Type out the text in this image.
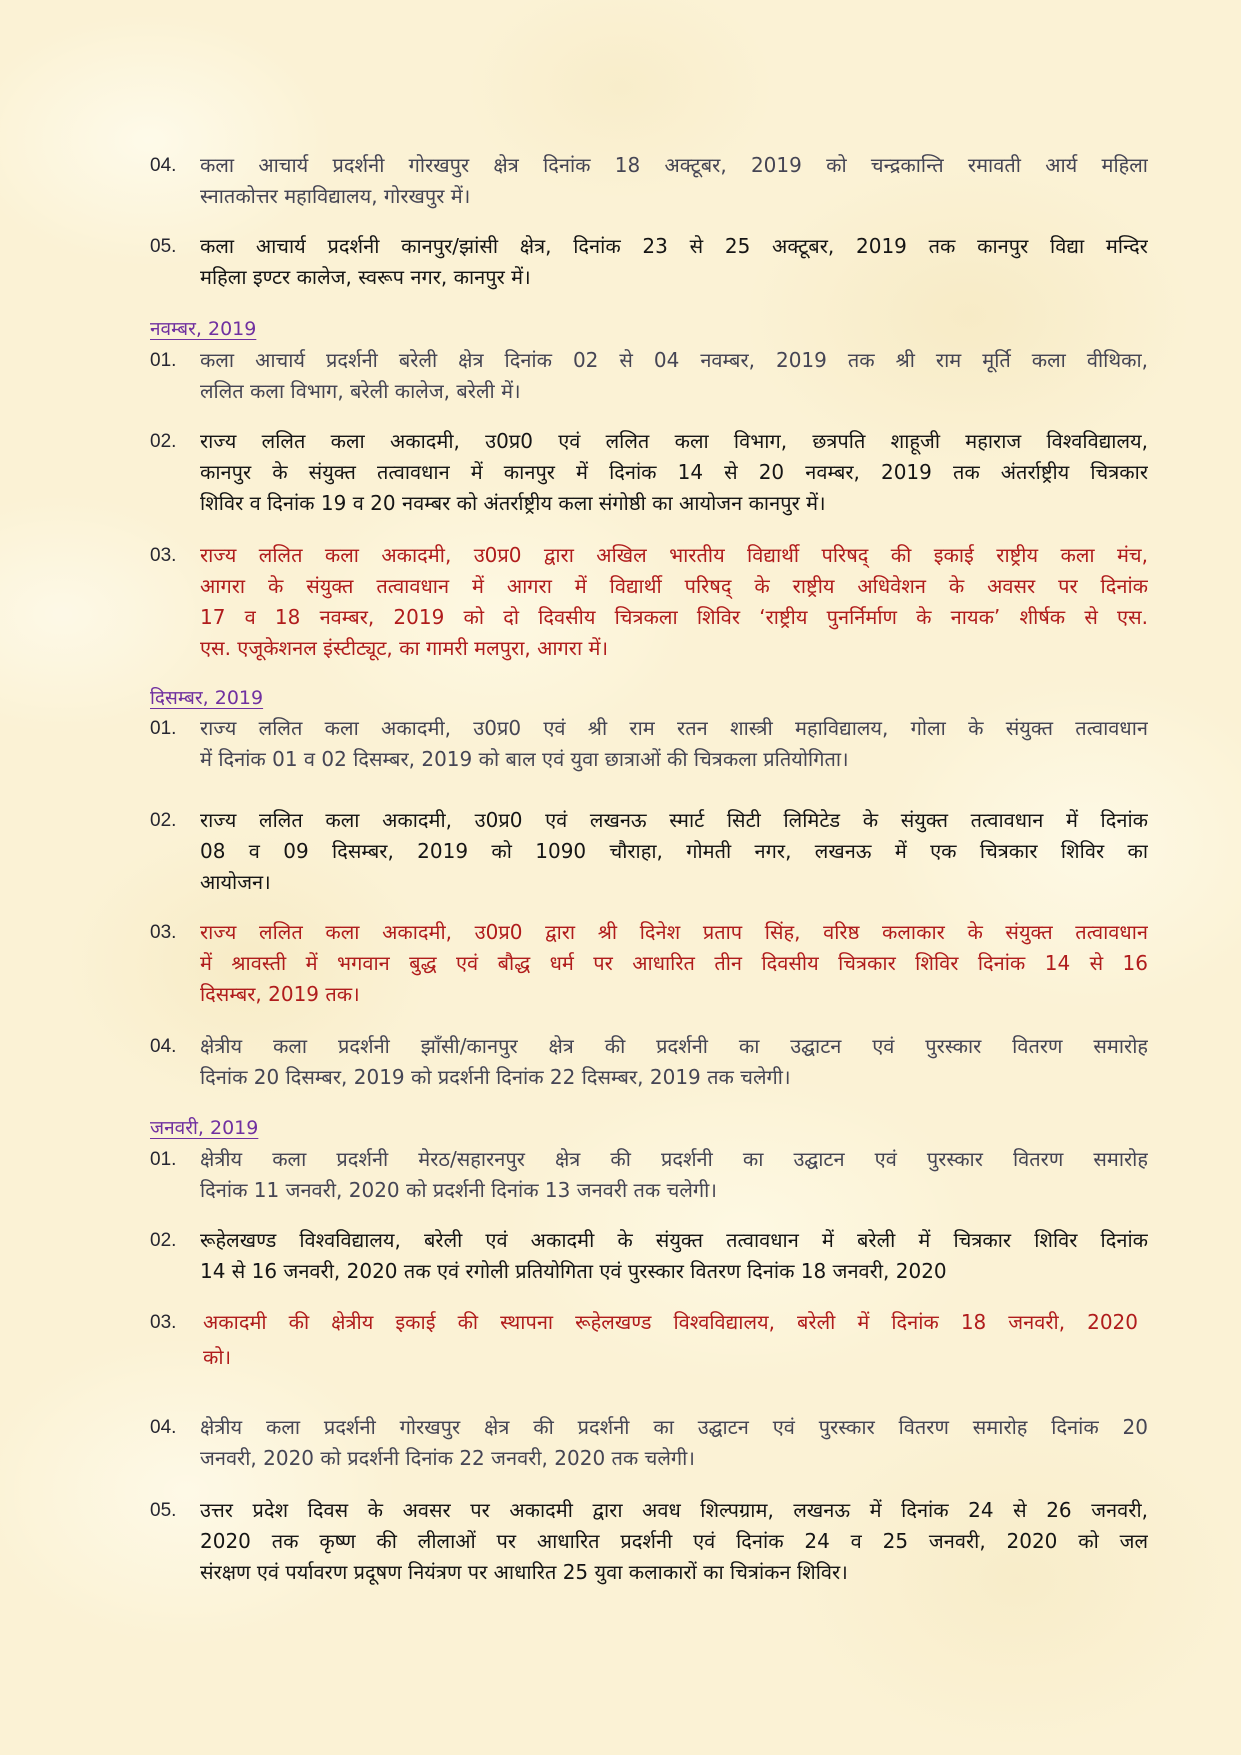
04.	कला आचार्य प्रदर्शनी गोरखपुर क्षेत्र दिनांक 18 अक्टूबर, 2019 को चन्द्रकान्ति रमावती आर्य महिला
स्नातकोत्तर महाविद्यालय, गोरखपुर में।
05.	कला आचार्य प्रदर्शनी कानपुर/झांसी क्षेत्र, दिनांक 23 से 25 अक्टूबर, 2019 तक कानपुर विद्या मन्दिर
महिला इण्टर कालेज, स्वरूप नगर, कानपुर में।
नवम्बर, 2019
01.	कला आचार्य प्रदर्शनी बरेली क्षेत्र दिनांक 02 से 04 नवम्बर, 2019 तक श्री राम मूर्ति कला वीथिका,
ललित कला विभाग, बरेली कालेज, बरेली में।
02.	राज्य ललित कला अकादमी, उ0प्र0 एवं ललित कला विभाग, छत्रपति शाहूजी महाराज विश्वविद्यालय,
कानपुर के संयुक्त तत्वावधान में कानपुर में दिनांक 14 से 20 नवम्बर, 2019 तक अंतर्राष्ट्रीय चित्रकार
शिविर व दिनांक 19 व 20 नवम्बर को अंतर्राष्ट्रीय कला संगोष्ठी का आयोजन कानपुर में।
03.	राज्य ललित कला अकादमी, उ0प्र0 द्वारा अखिल भारतीय विद्यार्थी परिषद् की इकाई राष्ट्रीय कला मंच,
आगरा के संयुक्त तत्वावधान में आगरा में विद्यार्थी परिषद् के राष्ट्रीय अधिवेशन के अवसर पर दिनांक
17 व 18 नवम्बर, 2019 को दो दिवसीय चित्रकला शिविर ‘राष्ट्रीय पुनर्निर्माण के नायक’ शीर्षक से एस.
एस. एजूकेशनल इंस्टीट्यूट, का गामरी मलपुरा, आगरा में।
दिसम्बर, 2019
01.	राज्य ललित कला अकादमी, उ0प्र0 एवं श्री राम रतन शास्त्री महाविद्यालय, गोला के संयुक्त तत्वावधान
में दिनांक 01 व 02 दिसम्बर, 2019 को बाल एवं युवा छात्राओं की चित्रकला प्रतियोगिता।
02.	राज्य ललित कला अकादमी, उ0प्र0 एवं लखनऊ स्मार्ट सिटी लिमिटेड के संयुक्त तत्वावधान में दिनांक
08 व 09 दिसम्बर, 2019 को 1090 चौराहा, गोमती नगर, लखनऊ में एक चित्रकार शिविर का
आयोजन।
03.	राज्य ललित कला अकादमी, उ0प्र0 द्वारा श्री दिनेश प्रताप सिंह, वरिष्ठ कलाकार के संयुक्त तत्वावधान
में श्रावस्ती में भगवान बुद्ध एवं बौद्ध धर्म पर आधारित तीन दिवसीय चित्रकार शिविर दिनांक 14 से 16
दिसम्बर, 2019 तक।
04.	क्षेत्रीय कला प्रदर्शनी झाँसी/कानपुर क्षेत्र की प्रदर्शनी का उद्घाटन एवं पुरस्कार वितरण समारोह
दिनांक 20 दिसम्बर, 2019 को प्रदर्शनी दिनांक 22 दिसम्बर, 2019 तक चलेगी।
जनवरी, 2019
01.	क्षेत्रीय कला प्रदर्शनी मेरठ/सहारनपुर क्षेत्र की प्रदर्शनी का उद्घाटन एवं पुरस्कार वितरण समारोह
दिनांक 11 जनवरी, 2020 को प्रदर्शनी दिनांक 13 जनवरी तक चलेगी।
02.	रूहेलखण्ड विश्वविद्यालय, बरेली एवं अकादमी के संयुक्त तत्वावधान में बरेली में चित्रकार शिविर दिनांक
14 से 16 जनवरी, 2020 तक एवं रगोली प्रतियोगिता एवं पुरस्कार वितरण दिनांक 18 जनवरी, 2020
03.	अकादमी की क्षेत्रीय इकाई की स्थापना रूहेलखण्ड विश्वविद्यालय, बरेली में दिनांक 18 जनवरी, 2020
को।
04.	क्षेत्रीय कला प्रदर्शनी गोरखपुर क्षेत्र की प्रदर्शनी का उद्घाटन एवं पुरस्कार वितरण समारोह दिनांक 20
जनवरी, 2020 को प्रदर्शनी दिनांक 22 जनवरी, 2020 तक चलेगी।
05.	उत्तर प्रदेश दिवस के अवसर पर अकादमी द्वारा अवध शिल्पग्राम, लखनऊ में दिनांक 24 से 26 जनवरी,
2020 तक कृष्ण की लीलाओं पर आधारित प्रदर्शनी एवं दिनांक 24 व 25 जनवरी, 2020 को जल
संरक्षण एवं पर्यावरण प्रदूषण नियंत्रण पर आधारित 25 युवा कलाकारों का चित्रांकन शिविर।
